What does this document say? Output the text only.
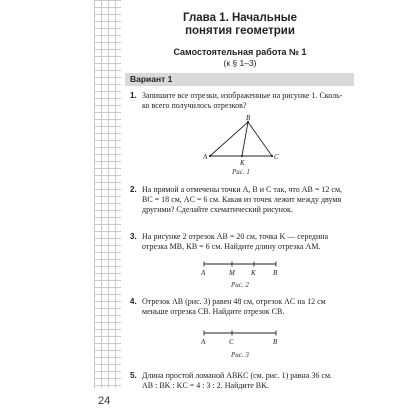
24
Глава 1. Начальные
понятия геометрии
Самостоятельная работа № 1
(к § 1–3)
Вариант 1
1. Запишите все отрезки, изображенные на рисунке 1. Сколь-
ко всего получилось отрезков?
A
B
C
K
Рис. 1
2. На прямой a отмечены точки A, B и C так, что AB = 12 см,
BC = 18 см, AC = 6 см. Какая из точек лежит между двумя
другими? Сделайте схематический рисунок.
3. На рисунке 2 отрезок AB = 20 см, точка K — середина
отрезка MB, KB = 6 см. Найдите длину отрезка AM.
A	M K B
Рис. 2
4. Отрезок AB (рис. 3) равен 48 см, отрезок AC на 12 см
меньше отрезка CB. Найдите отрезок CB.
A	C	B
Рис. 3
5. Длина простой ломаной ABKC (см. рис. 1) равна 36 см.
AB : BK : KC = 4 : 3 : 2. Найдите BK.
